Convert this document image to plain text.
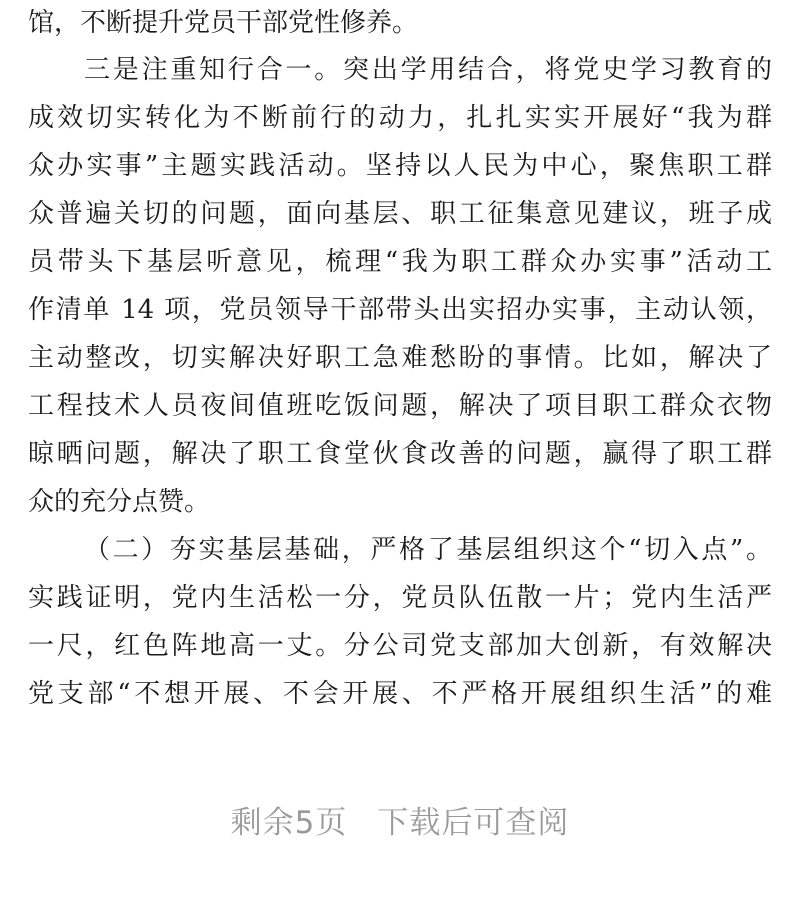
馆，不断提升党员干部党性修养。
三是注重知行合一。突出学用结合，将党史学习教育的
成效切实转化为不断前行的动力，扎扎实实开展好“我为群
众办实事”主题实践活动。坚持以人民为中心，聚焦职工群
众普遍关切的问题，面向基层、职工征集意见建议，班子成
员带头下基层听意见，梳理“我为职工群众办实事”活动工
作清单 14 项，党员领导干部带头出实招办实事，主动认领，
主动整改，切实解决好职工急难愁盼的事情。比如，解决了
工程技术人员夜间值班吃饭问题，解决了项目职工群众衣物
晾晒问题，解决了职工食堂伙食改善的问题，赢得了职工群
众的充分点赞。
（二）夯实基层基础，严格了基层组织这个“切入点”。
实践证明，党内生活松一分，党员队伍散一片；党内生活严
一尺，红色阵地高一丈。分公司党支部加大创新，有效解决
党支部“不想开展、不会开展、不严格开展组织生活”的难
剩余5页 下载后可查阅
